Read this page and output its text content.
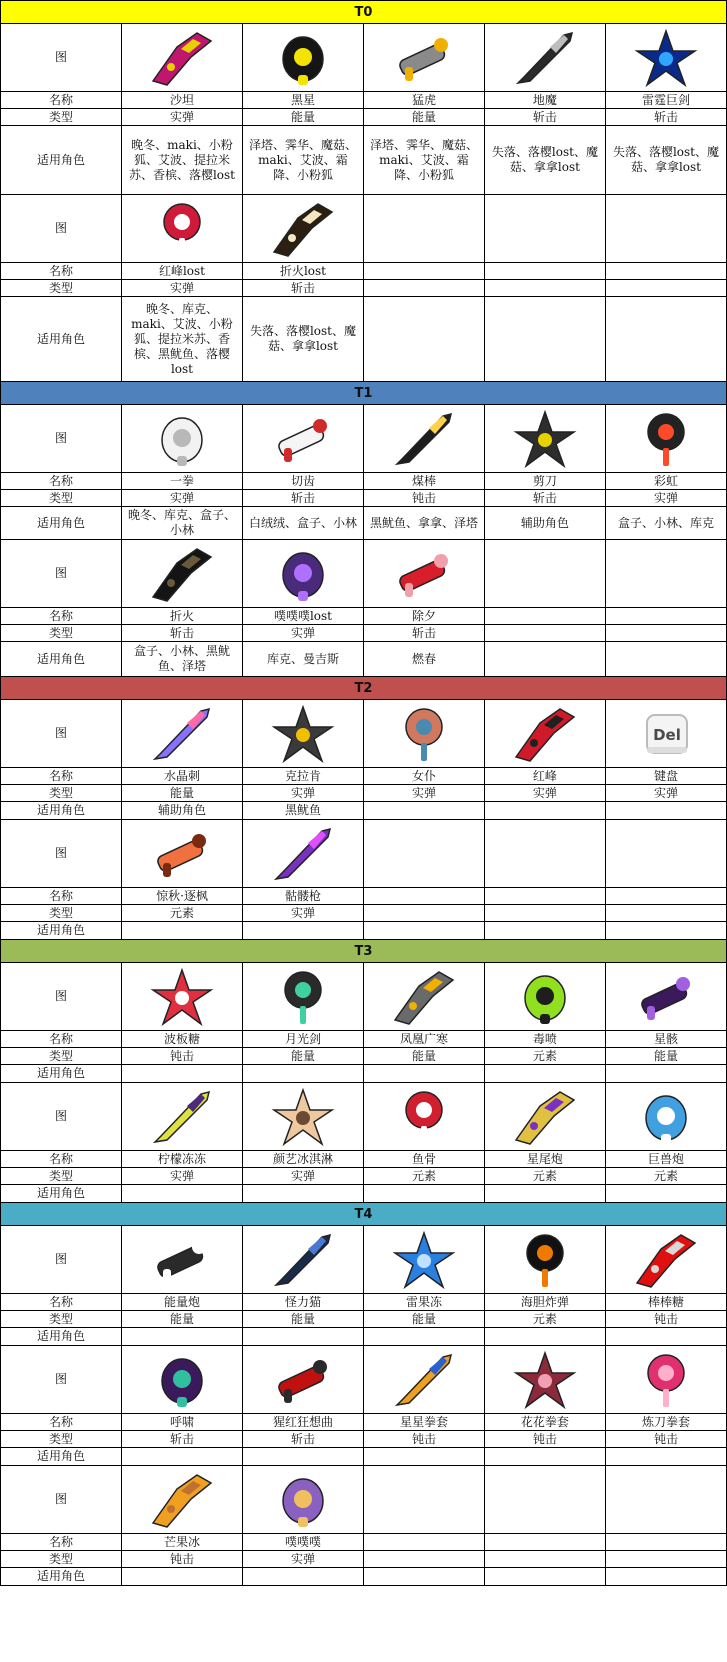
T0					
图	

名称	沙坦	黑星	猛虎	地魔	雷霆巨剑
类型	实弹	能量	能量	斩击	斩击
适用角色	晚冬、maki、小粉狐、艾波、提拉米苏、香槟、落樱lost	泽塔、霁华、魔菇、maki、艾波、霜降、小粉狐	泽塔、霁华、魔菇、maki、艾波、霜降、小粉狐	失落、落樱lost、魔菇、拿拿lost	失落、落樱lost、魔菇、拿拿lost
图	

名称	红峰lost	折火lost			
类型	实弹	斩击			
适用角色	晚冬、库克、maki、艾波、小粉狐、提拉米苏、香槟、黑鱿鱼、落樱lost	失落、落樱lost、魔菇、拿拿lost			
T1					
图	

名称	一拳	切齿	煤棒	剪刀	彩虹
类型	实弹	斩击	钝击	斩击	实弹
适用角色	晚冬、库克、盒子、小林	白绒绒、盒子、小林	黑鱿鱼、拿拿、泽塔	辅助角色	盒子、小林、库克
图	

名称	折火	噗噗噗lost	除夕		
类型	斩击	实弹	斩击		
适用角色	盒子、小林、黑鱿鱼、泽塔	库克、曼吉斯	燃春		
T2					
图					Del

名称	水晶刺	克拉肯	女仆	红峰	键盘
类型	能量	实弹	实弹	实弹	实弹
适用角色	辅助角色	黑鱿鱼			
图	

名称	惊秋·逐枫	骷髅枪			
类型	元素	实弹			
适用角色					
T3					
图	

名称	波板糖	月光剑	凤凰广寒	毒喷	星骸
类型	钝击	能量	能量	元素	能量
适用角色					
图	

名称	柠檬冻冻	颜艺冰淇淋	鱼骨	星尾炮	巨兽炮
类型	实弹	实弹	元素	元素	元素
适用角色					
T4					
图	

名称	能量炮	怪力猫	雷果冻	海胆炸弹	棒棒糖
类型	能量	能量	能量	元素	钝击
适用角色					
图	

名称	呼啸	猩红狂想曲	星星拳套	花花拳套	炼刀拳套
类型	斩击	斩击	钝击	钝击	钝击
适用角色					
图	

名称	芒果冰	噗噗噗			
类型	钝击	实弹			
适用角色					
